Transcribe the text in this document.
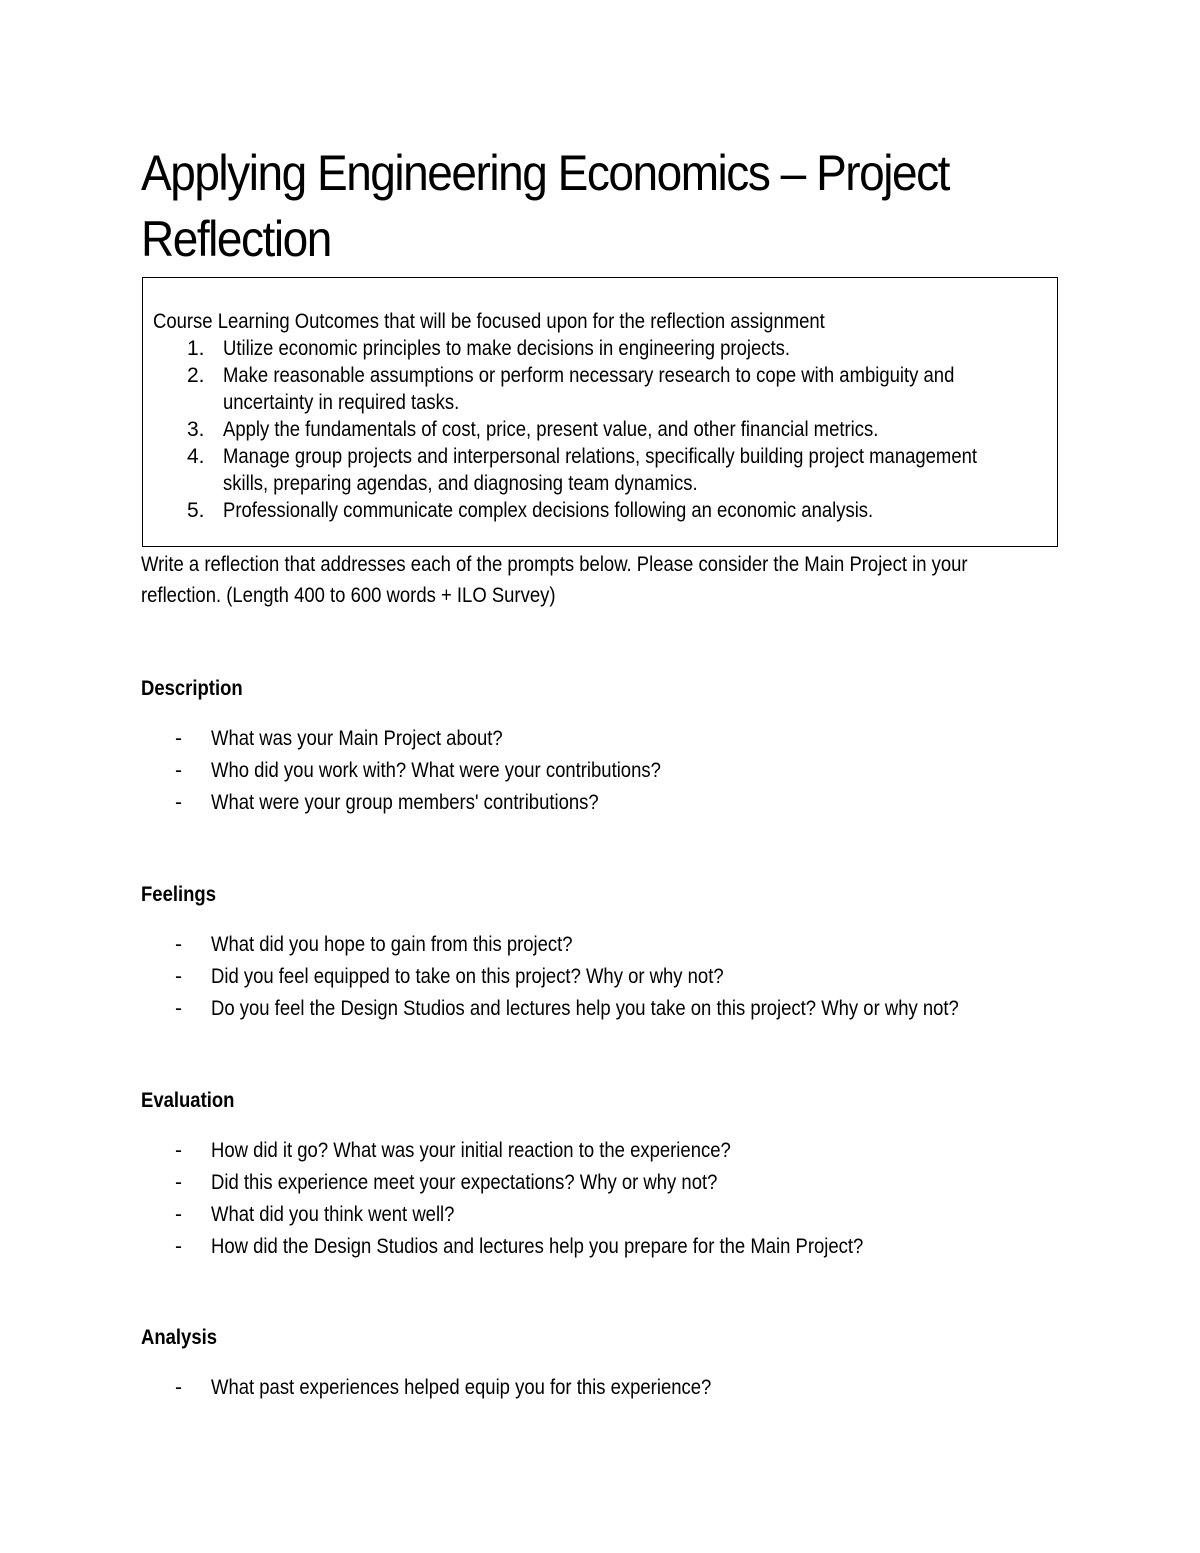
Applying Engineering Economics – Project Reflection
Course Learning Outcomes that will be focused upon for the reflection assignment
1. Utilize economic principles to make decisions in engineering projects.
2. Make reasonable assumptions or perform necessary research to cope with ambiguity and uncertainty in required tasks.
3. Apply the fundamentals of cost, price, present value, and other financial metrics.
4. Manage group projects and interpersonal relations, specifically building project management skills, preparing agendas, and diagnosing team dynamics.
5. Professionally communicate complex decisions following an economic analysis.

Write a reflection that addresses each of the prompts below. Please consider the Main Project in your reflection. (Length 400 to 600 words + ILO Survey)

Description
- What was your Main Project about?
- Who did you work with? What were your contributions?
- What were your group members' contributions?
Feelings
- What did you hope to gain from this project?
- Did you feel equipped to take on this project? Why or why not?
- Do you feel the Design Studios and lectures help you take on this project? Why or why not?
Evaluation
- How did it go? What was your initial reaction to the experience?
- Did this experience meet your expectations? Why or why not?
- What did you think went well?
- How did the Design Studios and lectures help you prepare for the Main Project?
Analysis
- What past experiences helped equip you for this experience?
